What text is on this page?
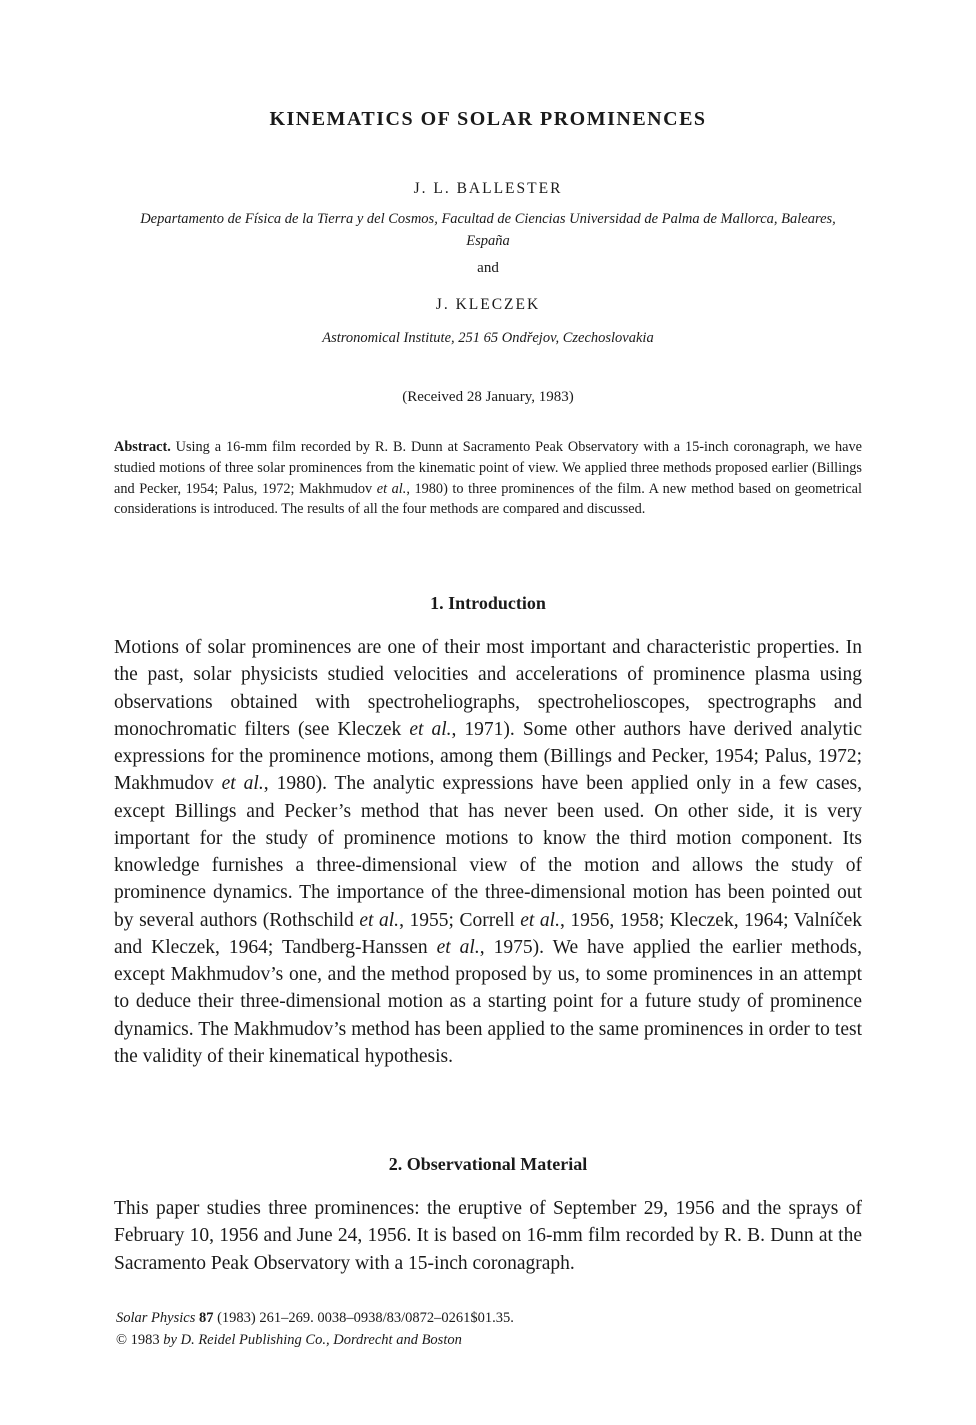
KINEMATICS OF SOLAR PROMINENCES
J. L. BALLESTER
Departamento de Física de la Tierra y del Cosmos, Facultad de Ciencias Universidad de Palma de Mallorca, Baleares, España
and
J. KLECZEK
Astronomical Institute, 251 65 Ondřejov, Czechoslovakia
(Received 28 January, 1983)
Abstract. Using a 16-mm film recorded by R. B. Dunn at Sacramento Peak Observatory with a 15-inch coronagraph, we have studied motions of three solar prominences from the kinematic point of view. We applied three methods proposed earlier (Billings and Pecker, 1954; Palus, 1972; Makhmudov et al., 1980) to three prominences of the film. A new method based on geometrical considerations is introduced. The results of all the four methods are compared and discussed.
1. Introduction
Motions of solar prominences are one of their most important and characteristic properties. In the past, solar physicists studied velocities and accelerations of prominence plasma using observations obtained with spectroheliographs, spectrohelioscopes, spectrographs and monochromatic filters (see Kleczek et al., 1971). Some other authors have derived analytic expressions for the prominence motions, among them (Billings and Pecker, 1954; Palus, 1972; Makhmudov et al., 1980). The analytic expressions have been applied only in a few cases, except Billings and Pecker’s method that has never been used. On other side, it is very important for the study of prominence motions to know the third motion component. Its knowledge furnishes a three-dimensional view of the motion and allows the study of prominence dynamics. The importance of the three-dimensional motion has been pointed out by several authors (Rothschild et al., 1955; Correll et al., 1956, 1958; Kleczek, 1964; Valníček and Kleczek, 1964; Tandberg-Hanssen et al., 1975). We have applied the earlier methods, except Makhmudov’s one, and the method proposed by us, to some prominences in an attempt to deduce their three-dimensional motion as a starting point for a future study of prominence dynamics. The Makhmudov’s method has been applied to the same prominences in order to test the validity of their kinematical hypothesis.
2. Observational Material
This paper studies three prominences: the eruptive of September 29, 1956 and the sprays of February 10, 1956 and June 24, 1956. It is based on 16-mm film recorded by R. B. Dunn at the Sacramento Peak Observatory with a 15-inch coronagraph.
Solar Physics 87 (1983) 261–269. 0038–0938/83/0872–0261$01.35.
© 1983 by D. Reidel Publishing Co., Dordrecht and Boston
